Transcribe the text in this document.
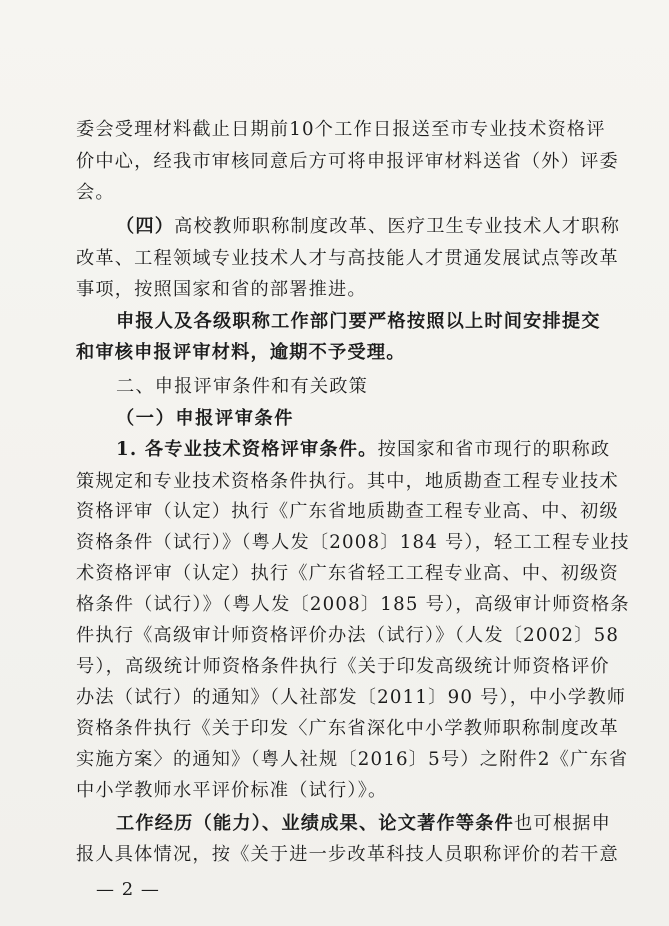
委会受理材料截止日期前10个工作日报送至市专业技术资格评
价中心，经我市审核同意后方可将申报评审材料送省（外）评委
会。
（四）高校教师职称制度改革、医疗卫生专业技术人才职称
改革、工程领域专业技术人才与高技能人才贯通发展试点等改革
事项，按照国家和省的部署推进。
申报人及各级职称工作部门要严格按照以上时间安排提交
和审核申报评审材料，逾期不予受理。
二、申报评审条件和有关政策
（一）申报评审条件
1. 各专业技术资格评审条件。按国家和省市现行的职称政
策规定和专业技术资格条件执行。其中，地质勘查工程专业技术
资格评审（认定）执行《广东省地质勘查工程专业高、中、初级
资格条件（试行）》（粤人发〔2008〕184 号），轻工工程专业技
术资格评审（认定）执行《广东省轻工工程专业高、中、初级资
格条件（试行）》（粤人发〔2008〕185 号），高级审计师资格条
件执行《高级审计师资格评价办法（试行）》（人发〔2002〕58
号），高级统计师资格条件执行《关于印发高级统计师资格评价
办法（试行）的通知》（人社部发〔2011〕90 号），中小学教师
资格条件执行《关于印发〈广东省深化中小学教师职称制度改革
实施方案〉的通知》（粤人社规〔2016〕5号）之附件2《广东省
中小学教师水平评价标准（试行）》。
工作经历（能力）、业绩成果、论文著作等条件也可根据申
报人具体情况，按《关于进一步改革科技人员职称评价的若干意
— 2 —
